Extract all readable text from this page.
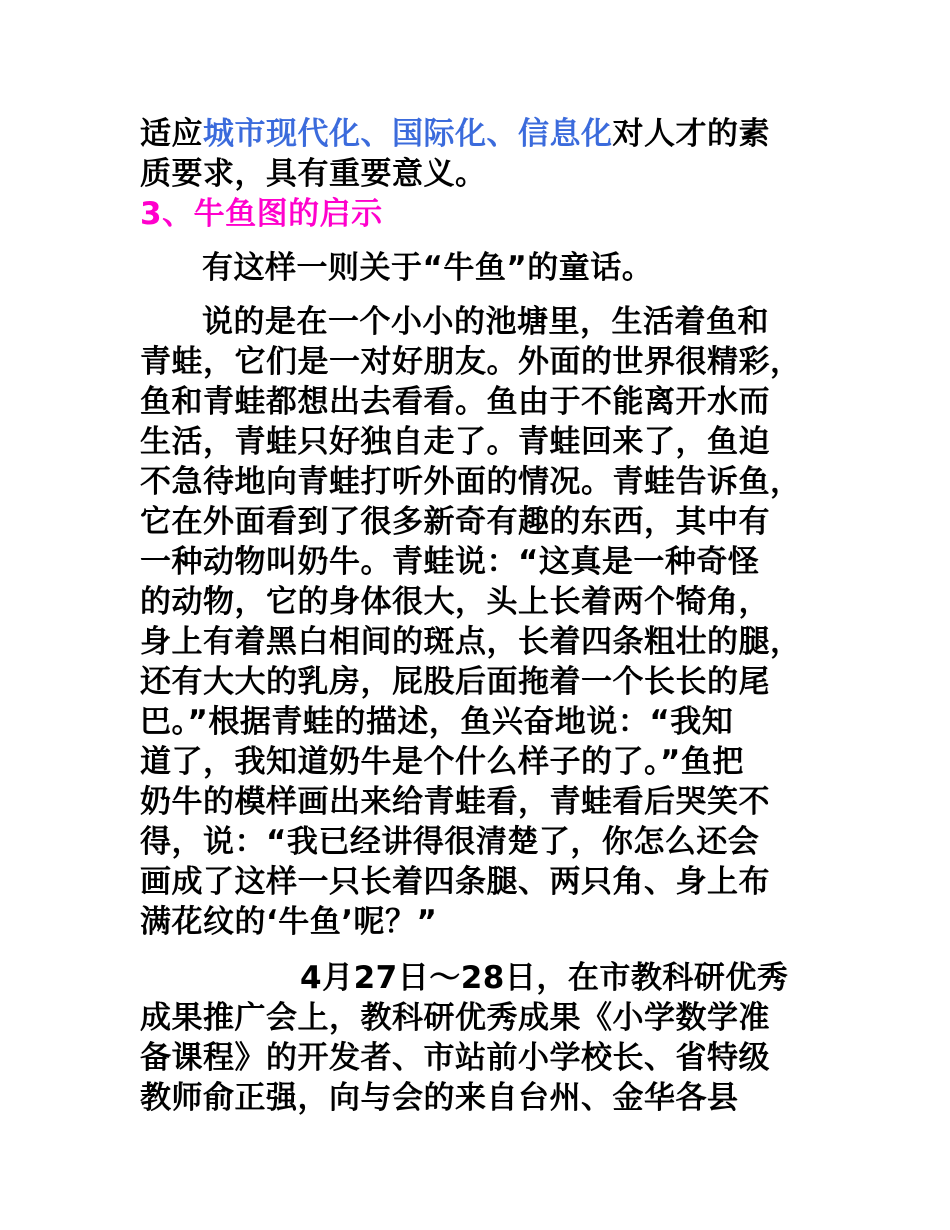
适应城市现代化、国际化、信息化对人才的素
质要求，具有重要意义。

3、牛鱼图的启示

有这样一则关于“牛鱼”的童话。

说的是在一个小小的池塘里，生活着鱼和
青蛙，它们是一对好朋友。外面的世界很精彩，
鱼和青蛙都想出去看看。鱼由于不能离开水而
生活，青蛙只好独自走了。青蛙回来了，鱼迫
不急待地向青蛙打听外面的情况。青蛙告诉鱼，
它在外面看到了很多新奇有趣的东西，其中有
一种动物叫奶牛。青蛙说：“这真是一种奇怪
的动物，它的身体很大，头上长着两个犄角，
身上有着黑白相间的斑点，长着四条粗壮的腿，
还有大大的乳房，屁股后面拖着一个长长的尾
巴。”根据青蛙的描述，鱼兴奋地说：“我知
道了，我知道奶牛是个什么样子的了。”鱼把
奶牛的模样画出来给青蛙看，青蛙看后哭笑不
得，说：“我已经讲得很清楚了，你怎么还会
画成了这样一只长着四条腿、两只角、身上布
满花纹的‘牛鱼’呢？”

4月27日～28日，在市教科研优秀
成果推广会上，教科研优秀成果《小学数学准
备课程》的开发者、市站前小学校长、省特级
教师俞正强，向与会的来自台州、金华各县
